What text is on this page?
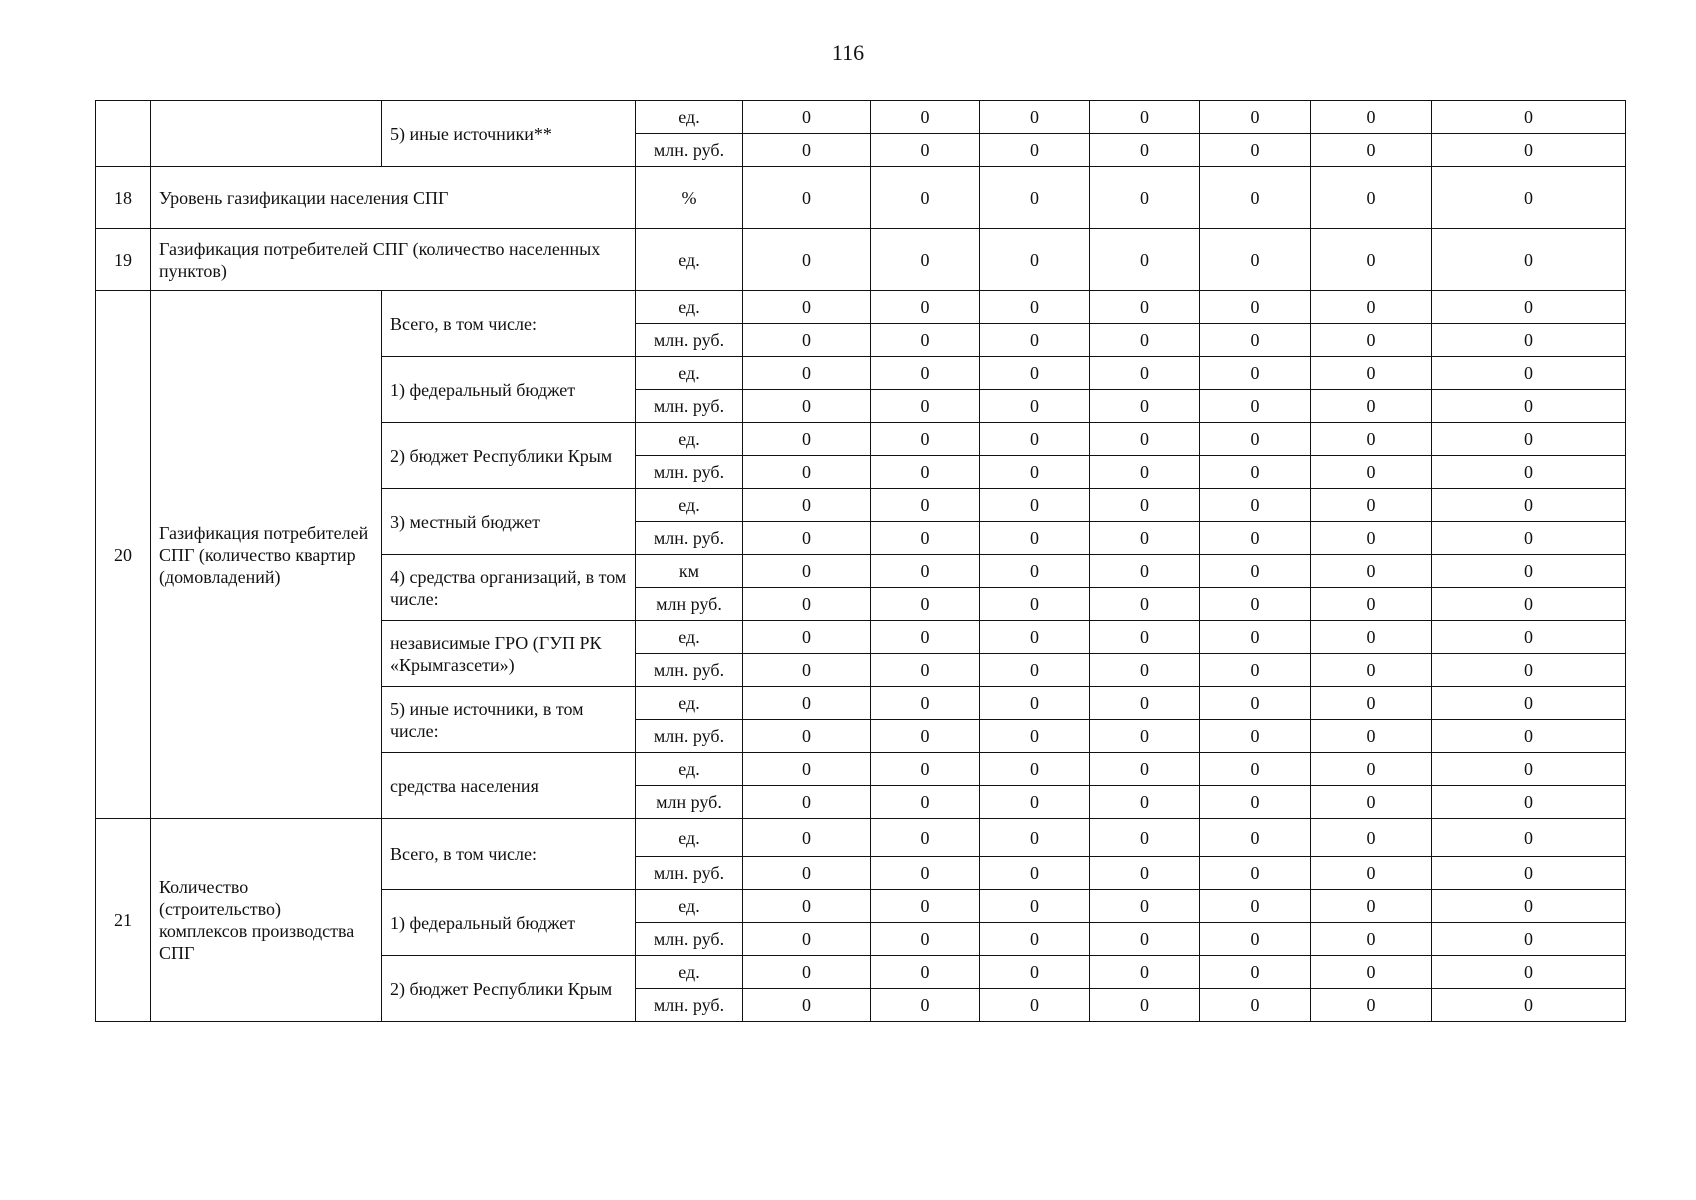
116
		5) иные источники**	ед.	0	0	0	0	0	0	0
			млн. руб.	0	0	0	0	0	0	0
18	Уровень газификации населения СПГ		%	0	0	0	0	0	0	0
19	Газификация потребителей СПГ (количество населенных пунктов)		ед.	0	0	0	0	0	0	0
20	Газификация потребителей СПГ (количество квартир (домовладений)	Всего, в том числе:	ед.	0	0	0	0	0	0	0
			млн. руб.	0	0	0	0	0	0	0
		1) федеральный бюджет	ед.	0	0	0	0	0	0	0
			млн. руб.	0	0	0	0	0	0	0
		2) бюджет Республики Крым	ед.	0	0	0	0	0	0	0
			млн. руб.	0	0	0	0	0	0	0
		3) местный бюджет	ед.	0	0	0	0	0	0	0
			млн. руб.	0	0	0	0	0	0	0
		4) средства организаций, в том числе:	км	0	0	0	0	0	0	0
			млн руб.	0	0	0	0	0	0	0
		независимые ГРО (ГУП РК «Крымгазсети»)	ед.	0	0	0	0	0	0	0
			млн. руб.	0	0	0	0	0	0	0
		5) иные источники, в том числе:	ед.	0	0	0	0	0	0	0
			млн. руб.	0	0	0	0	0	0	0
		средства населения	ед.	0	0	0	0	0	0	0
			млн руб.	0	0	0	0	0	0	0
21	Количество (строительство) комплексов производства СПГ	Всего, в том числе:	ед.	0	0	0	0	0	0	0
			млн. руб.	0	0	0	0	0	0	0
		1) федеральный бюджет	ед.	0	0	0	0	0	0	0
			млн. руб.	0	0	0	0	0	0	0
		2) бюджет Республики Крым	ед.	0	0	0	0	0	0	0
			млн. руб.	0	0	0	0	0	0	0
